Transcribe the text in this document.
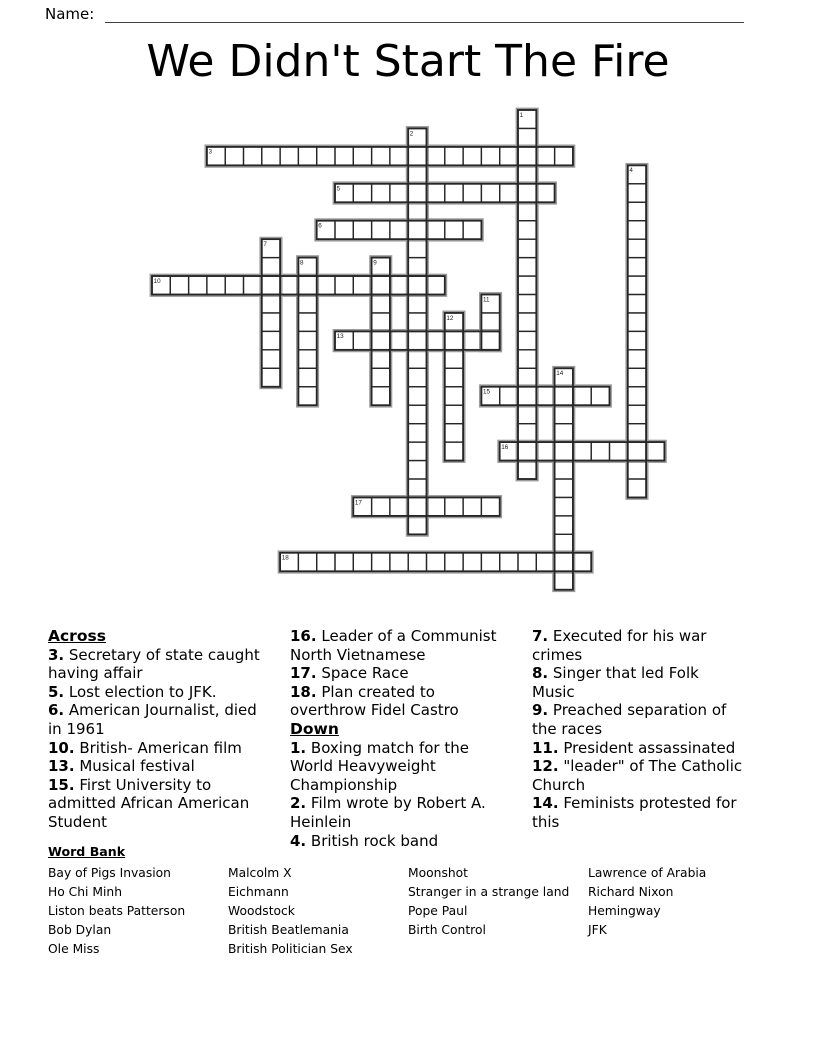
Name:
We Didn't Start The Fire
1
2
3
4
5
6
7
8	9
10
11
12
13
14
15
16
17
18
Across

3. Secretary of state caught having affair

5. Lost election to JFK.

6. American Journalist, died in 1961

10. British- American film

13. Musical festival

15. First University to admitted African American Student

16. Leader of a Communist North Vietnamese

17. Space Race

18. Plan created to overthrow Fidel Castro

Down

1. Boxing match for the World Heavyweight Championship

2. Film wrote by Robert A. Heinlein

4. British rock band

7. Executed for his war crimes

8. Singer that led Folk Music

9. Preached separation of the races

11. President assassinated

12. "leader" of The Catholic Church

14. Feminists protested for this

Word Bank
Bay of Pigs Invasion
Ho Chi Minh
Liston beats Patterson
Bob Dylan
Ole Miss
Malcolm X
Eichmann
Woodstock
British Beatlemania
British Politician Sex
Moonshot
Stranger in a strange land
Pope Paul
Birth Control
Lawrence of Arabia
Richard Nixon
Hemingway
JFK
